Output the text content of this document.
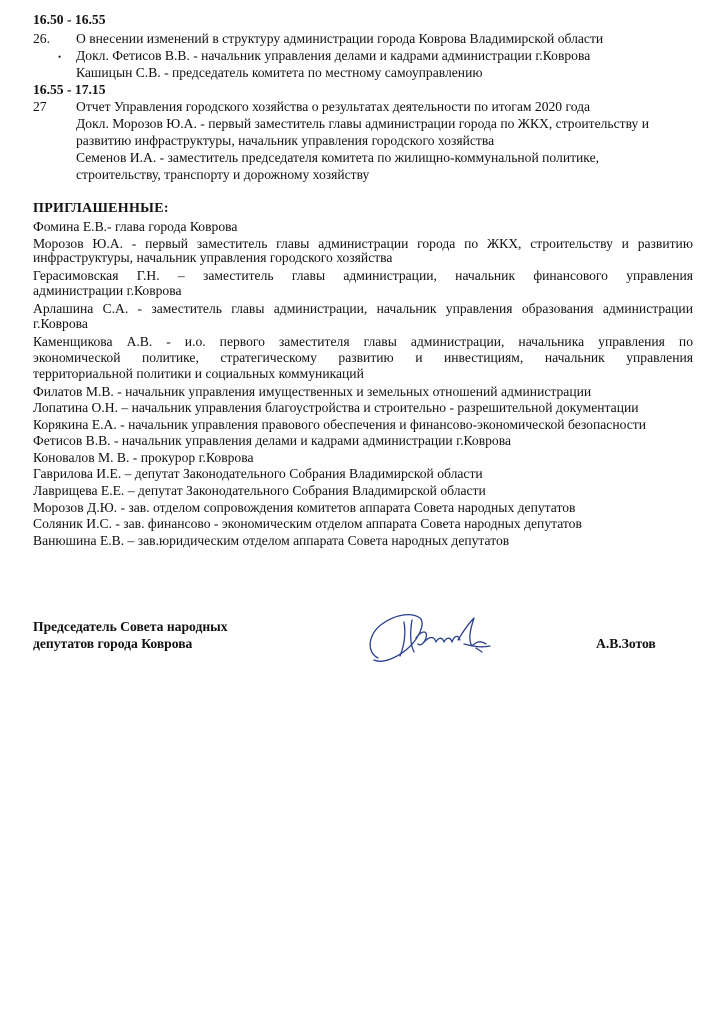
16.50 - 16.55
26. О внесении изменений в структуру администрации города Коврова Владимирской области
• Докл. Фетисов В.В. - начальник управления делами и кадрами администрации г.Коврова
Кашицын С.В. - председатель комитета по местному самоуправлению
16.55 - 17.15
27 Отчет Управления городского хозяйства о результатах деятельности по итогам 2020 года
Докл. Морозов Ю.А. - первый заместитель главы администрации города по ЖКХ, строительству и
развитию инфраструктуры, начальник управления городского хозяйства
Семенов И.А. - заместитель председателя комитета по жилищно-коммунальной политике,
строительству, транспорту и дорожному хозяйству
ПРИГЛАШЕННЫЕ:
Фомина Е.В.- глава города Коврова
Морозов Ю.А. - первый заместитель главы администрации города по ЖКХ, строительству и развитию
инфраструктуры, начальник управления городского хозяйства
Герасимовская Г.Н. – заместитель главы администрации, начальник финансового управления
администрации г.Коврова
Арлашина С.А. - заместитель главы администрации, начальник управления образования администрации
г.Коврова
Каменщикова А.В. - и.о. первого заместителя главы администрации, начальника управления по
экономической политике, стратегическому развитию и инвестициям, начальник управления
территориальной политики и социальных коммуникаций
Филатов М.В. - начальник управления имущественных и земельных отношений администрации
Лопатина О.Н. – начальник управления благоустройства и строительно - разрешительной документации
Корякина Е.А. - начальник управления правового обеспечения и финансово-экономической безопасности
Фетисов В.В. - начальник управления делами и кадрами администрации г.Коврова
Коновалов М. В. - прокурор г.Коврова
Гаврилова И.Е. – депутат Законодательного Собрания Владимирской области
Лаврищева Е.Е. – депутат Законодательного Собрания Владимирской области
Морозов Д.Ю. - зав. отделом сопровождения комитетов аппарата Совета народных депутатов
Соляник И.С. - зав. финансово - экономическим отделом аппарата Совета народных депутатов
Ванюшина Е.В. – зав.юридическим отделом аппарата Совета народных депутатов
Председатель Совета народных
депутатов города Коврова	А.В.Зотов
